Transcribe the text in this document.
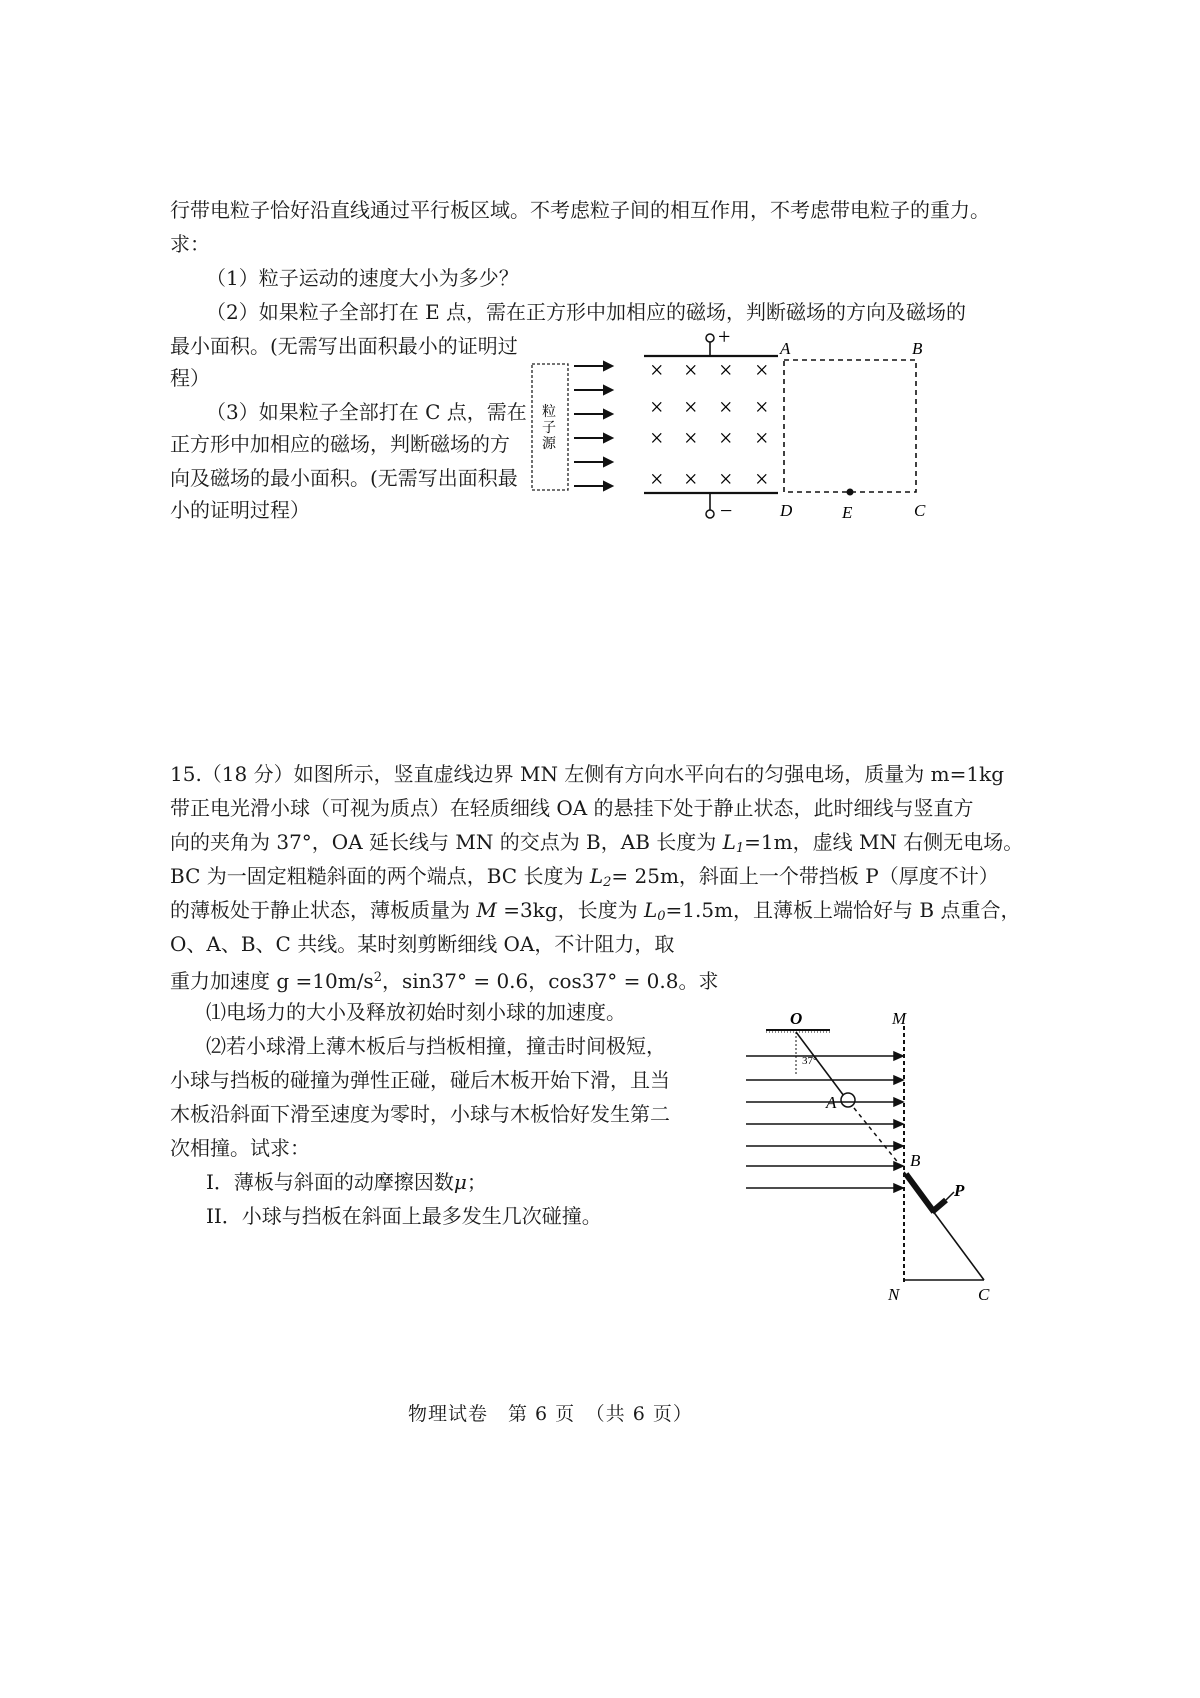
行带电粒子恰好沿直线通过平行板区域。不考虑粒子间的相互作用，不考虑带电粒子的重力。
求：
（1）粒子运动的速度大小为多少？
（2）如果粒子全部打在 E 点，需在正方形中加相应的磁场，判断磁场的方向及磁场的
最小面积。(无需写出面积最小的证明过
程）
（3）如果粒子全部打在 C 点，需在
正方形中加相应的磁场，判断磁场的方
向及磁场的最小面积。(无需写出面积最
小的证明过程）
粒
子
源
+
−
× × × ×
× × × ×
× × × ×
× × × ×
A	B
D	E	C
15.（18 分）如图所示，竖直虚线边界 MN 左侧有方向水平向右的匀强电场，质量为 m=1kg
带正电光滑小球（可视为质点）在轻质细线 OA 的悬挂下处于静止状态，此时细线与竖直方
向的夹角为 37°，OA 延长线与 MN 的交点为 B，AB 长度为 $L_1=1m$，虚线 MN 右侧无电场。
BC 为一固定粗糙斜面的两个端点，BC 长度为 $L_2= 25m$，斜面上一个带挡板 P（厚度不计）
的薄板处于静止状态，薄板质量为 M =3kg，长度为 $L_0=1.5m$，且薄板上端恰好与 B 点重合，
O、A、B、C 共线。某时刻剪断细线 OA，不计阻力，取
重力加速度 $g =10m/s^2$，sin37° = 0.6，cos37° = 0.8。求
⑴电场力的大小及释放初始时刻小球的加速度。
⑵若小球滑上薄木板后与挡板相撞，撞击时间极短，
小球与挡板的碰撞为弹性正碰，碰后木板开始下滑，且当
木板沿斜面下滑至速度为零时，小球与木板恰好发生第二
次相撞。试求：
I．薄板与斜面的动摩擦因数μ；
II．小球与挡板在斜面上最多发生几次碰撞。
O
37°
A
M
N
B
C
P
物理试卷　第 6 页　（共 6 页）
